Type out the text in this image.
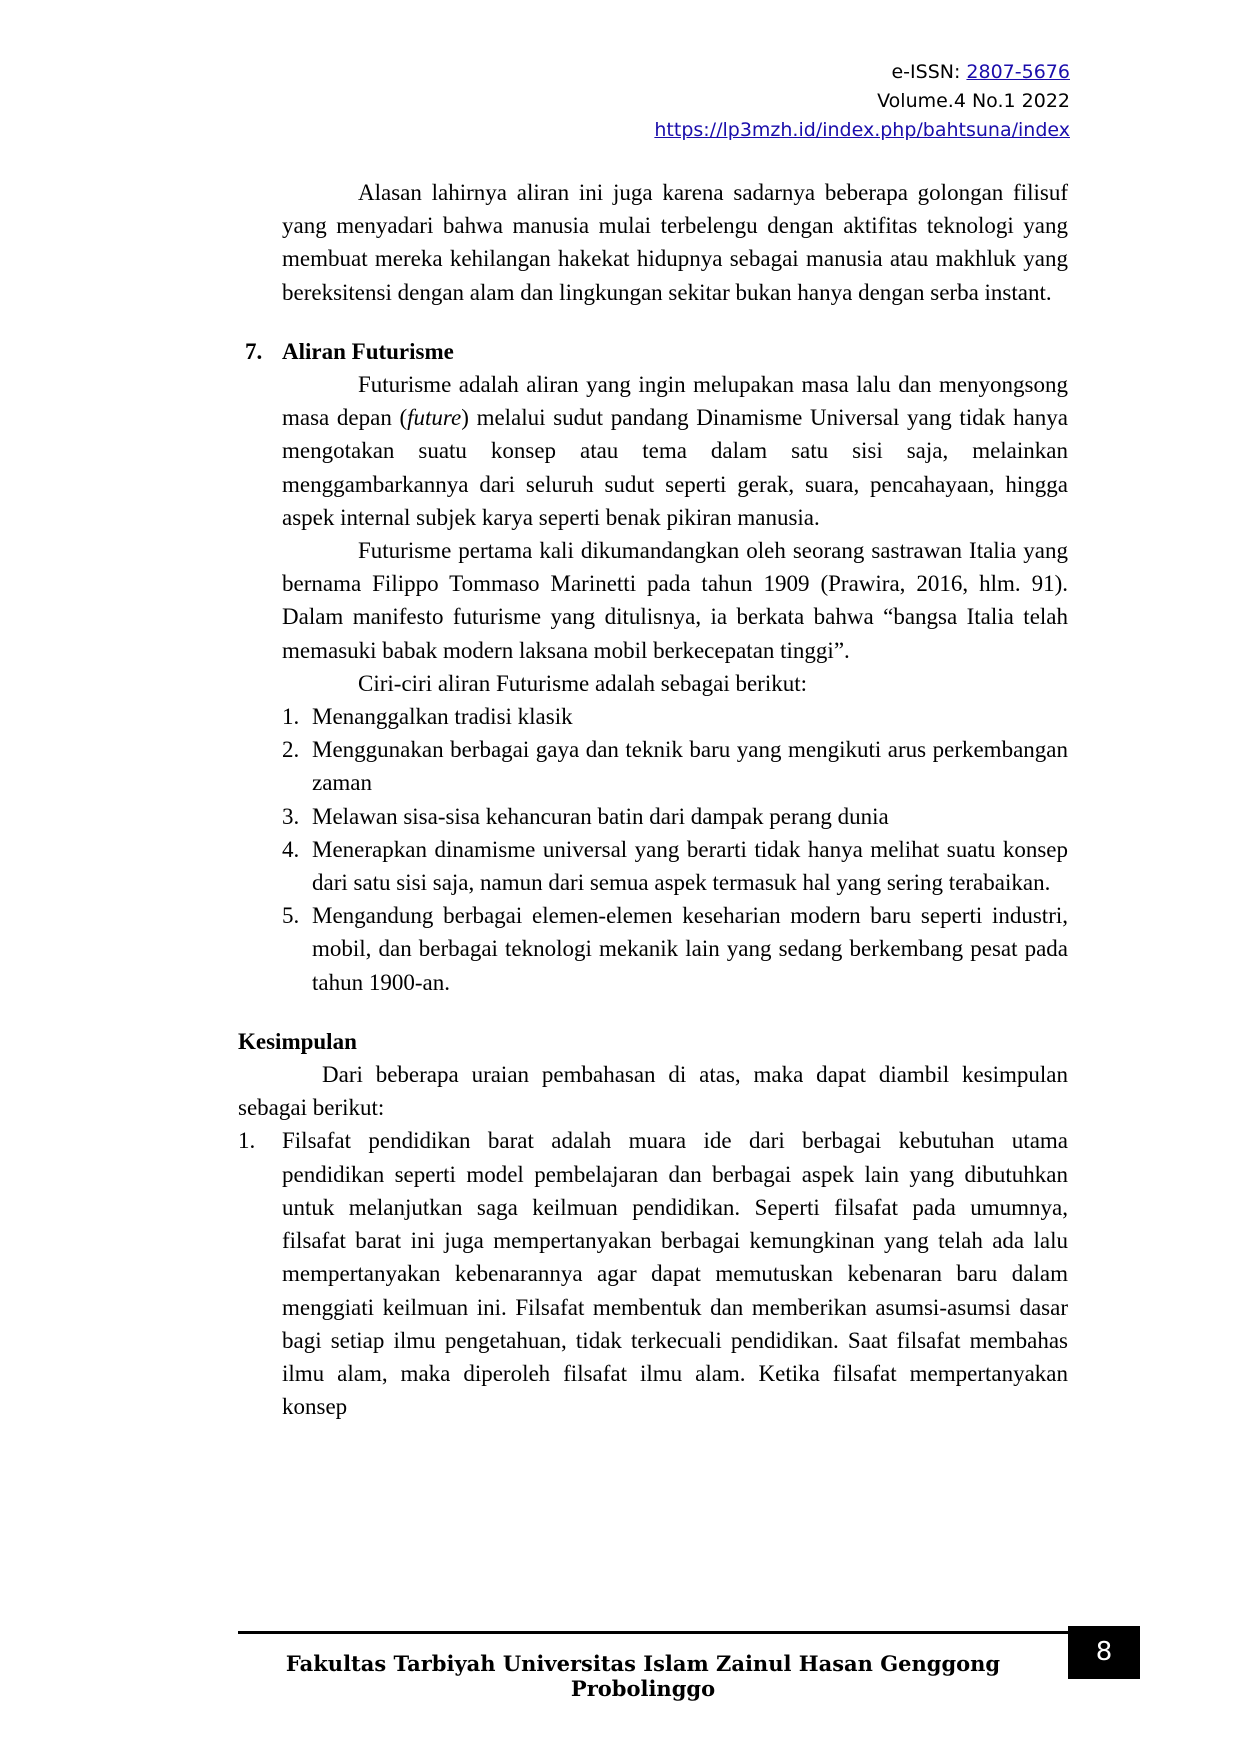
e-ISSN: 2807-5676
Volume.4 No.1 2022
https://lp3mzh.id/index.php/bahtsuna/index

Alasan lahirnya aliran ini juga karena sadarnya beberapa golongan filisuf yang menyadari bahwa manusia mulai terbelengu dengan aktifitas teknologi yang membuat mereka kehilangan hakekat hidupnya sebagai manusia atau makhluk yang bereksitensi dengan alam dan lingkungan sekitar bukan hanya dengan serba instant.

7. Aliran Futurisme

Futurisme adalah aliran yang ingin melupakan masa lalu dan menyongsong masa depan (future) melalui sudut pandang Dinamisme Universal yang tidak hanya mengotakan suatu konsep atau tema dalam satu sisi saja, melainkan menggambarkannya dari seluruh sudut seperti gerak, suara, pencahayaan, hingga aspek internal subjek karya seperti benak pikiran manusia.

Futurisme pertama kali dikumandangkan oleh seorang sastrawan Italia yang bernama Filippo Tommaso Marinetti pada tahun 1909 (Prawira, 2016, hlm. 91). Dalam manifesto futurisme yang ditulisnya, ia berkata bahwa “bangsa Italia telah memasuki babak modern laksana mobil berkecepatan tinggi”.

Ciri-ciri aliran Futurisme adalah sebagai berikut:

1. Menanggalkan tradisi klasik
2. Menggunakan berbagai gaya dan teknik baru yang mengikuti arus perkembangan zaman
3. Melawan sisa-sisa kehancuran batin dari dampak perang dunia
4. Menerapkan dinamisme universal yang berarti tidak hanya melihat suatu konsep dari satu sisi saja, namun dari semua aspek termasuk hal yang sering terabaikan.
5. Mengandung berbagai elemen-elemen keseharian modern baru seperti industri, mobil, dan berbagai teknologi mekanik lain yang sedang berkembang pesat pada tahun 1900-an.
Kesimpulan

Dari beberapa uraian pembahasan di atas, maka dapat diambil kesimpulan sebagai berikut:

1. Filsafat pendidikan barat adalah muara ide dari berbagai kebutuhan utama pendidikan seperti model pembelajaran dan berbagai aspek lain yang dibutuhkan untuk melanjutkan saga keilmuan pendidikan. Seperti filsafat pada umumnya, filsafat barat ini juga mempertanyakan berbagai kemungkinan yang telah ada lalu mempertanyakan kebenarannya agar dapat memutuskan kebenaran baru dalam menggiati keilmuan ini. Filsafat membentuk dan memberikan asumsi-asumsi dasar bagi setiap ilmu pengetahuan, tidak terkecuali pendidikan. Saat filsafat membahas ilmu alam, maka diperoleh filsafat ilmu alam. Ketika filsafat mempertanyakan konsep
Fakultas Tarbiyah Universitas Islam Zainul Hasan Genggong Probolinggo
8
